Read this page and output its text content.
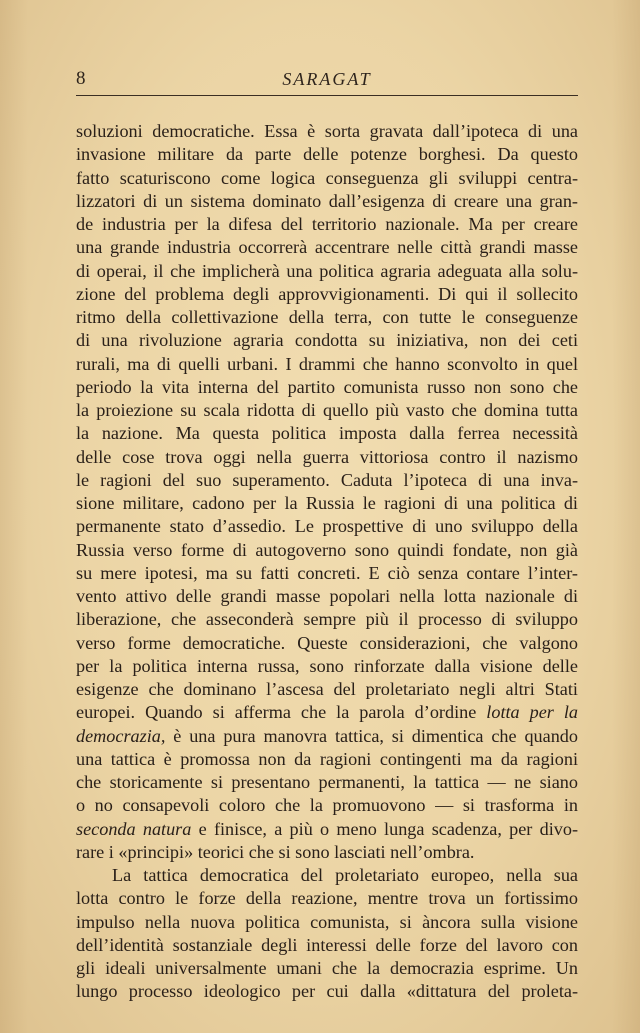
8	SARAGAT
soluzioni democratiche. Essa è sorta gravata dall’ipoteca di una
invasione militare da parte delle potenze borghesi. Da questo
fatto scaturiscono come logica conseguenza gli sviluppi centra-
lizzatori di un sistema dominato dall’esigenza di creare una gran-
de industria per la difesa del territorio nazionale. Ma per creare
una grande industria occorrerà accentrare nelle città grandi masse
di operai, il che implicherà una politica agraria adeguata alla solu-
zione del problema degli approvvigionamenti. Di qui il sollecito
ritmo della collettivazione della terra, con tutte le conseguenze
di una rivoluzione agraria condotta su iniziativa, non dei ceti
rurali, ma di quelli urbani. I drammi che hanno sconvolto in quel
periodo la vita interna del partito comunista russo non sono che
la proiezione su scala ridotta di quello più vasto che domina tutta
la nazione. Ma questa politica imposta dalla ferrea necessità
delle cose trova oggi nella guerra vittoriosa contro il nazismo
le ragioni del suo superamento. Caduta l’ipoteca di una inva-
sione militare, cadono per la Russia le ragioni di una politica di
permanente stato d’assedio. Le prospettive di uno sviluppo della
Russia verso forme di autogoverno sono quindi fondate, non già
su mere ipotesi, ma su fatti concreti. E ciò senza contare l’inter-
vento attivo delle grandi masse popolari nella lotta nazionale di
liberazione, che asseconderà sempre più il processo di sviluppo
verso forme democratiche. Queste considerazioni, che valgono
per la politica interna russa, sono rinforzate dalla visione delle
esigenze che dominano l’ascesa del proletariato negli altri Stati
europei. Quando si afferma che la parola d’ordine lotta per la
democrazia, è una pura manovra tattica, si dimentica che quando
una tattica è promossa non da ragioni contingenti ma da ragioni
che storicamente si presentano permanenti, la tattica — ne siano
o no consapevoli coloro che la promuovono — si trasforma in
seconda natura e finisce, a più o meno lunga scadenza, per divo-
rare i «principi» teorici che si sono lasciati nell’ombra.
La tattica democratica del proletariato europeo, nella sua
lotta contro le forze della reazione, mentre trova un fortissimo
impulso nella nuova politica comunista, si àncora sulla visione
dell’identità sostanziale degli interessi delle forze del lavoro con
gli ideali universalmente umani che la democrazia esprime. Un
lungo processo ideologico per cui dalla «dittatura del proleta-
